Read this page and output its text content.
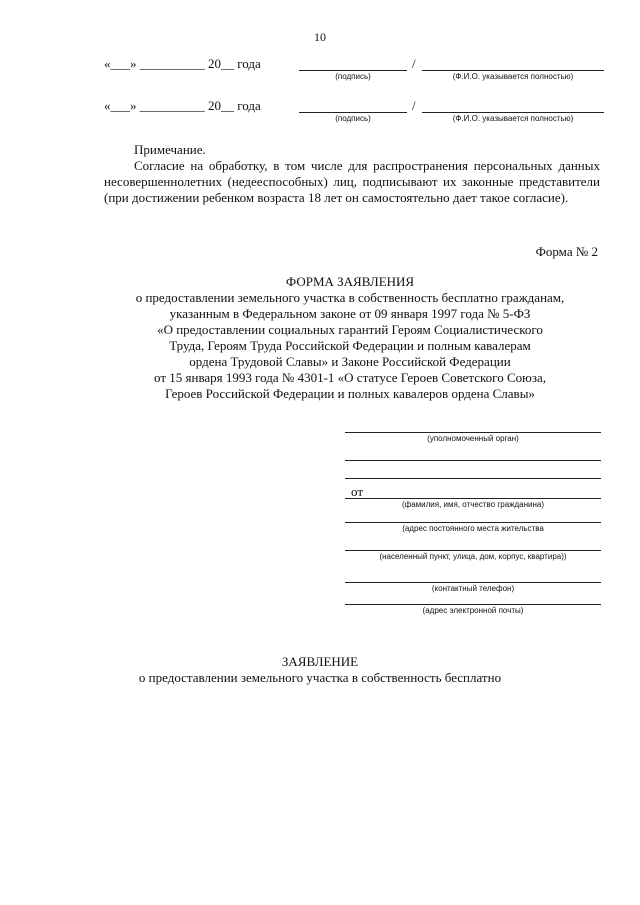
10
«___» __________ 20__ года	/
(подпись)	(Ф.И.О. указывается полностью)
«___» __________ 20__ года	/
(подпись)	(Ф.И.О. указывается полностью)
Примечание.
Согласие на обработку, в том числе для распространения персональных данных несовершеннолетних (недееспособных) лиц, подписывают их законные представители (при достижении ребенком возраста 18 лет он самостоятельно дает такое согласие).
Форма № 2
ФОРМА ЗАЯВЛЕНИЯ
о предоставлении земельного участка в собственность бесплатно гражданам,
указанным в Федеральном законе от 09 января 1997 года № 5-ФЗ
«О предоставлении социальных гарантий Героям Социалистического
Труда, Героям Труда Российской Федерации и полным кавалерам
ордена Трудовой Славы» и Законе Российской Федерации
от 15 января 1993 года № 4301-1 «О статусе Героев Советского Союза,
Героев Российской Федерации и полных кавалеров ордена Славы»
(уполномоченный орган)
от
(фамилия, имя, отчество гражданина)
(адрес постоянного места жительства
(населенный пункт, улица, дом, корпус, квартира))
(контактный телефон)
(адрес электронной почты)
ЗАЯВЛЕНИЕ
о предоставлении земельного участка в собственность бесплатно
